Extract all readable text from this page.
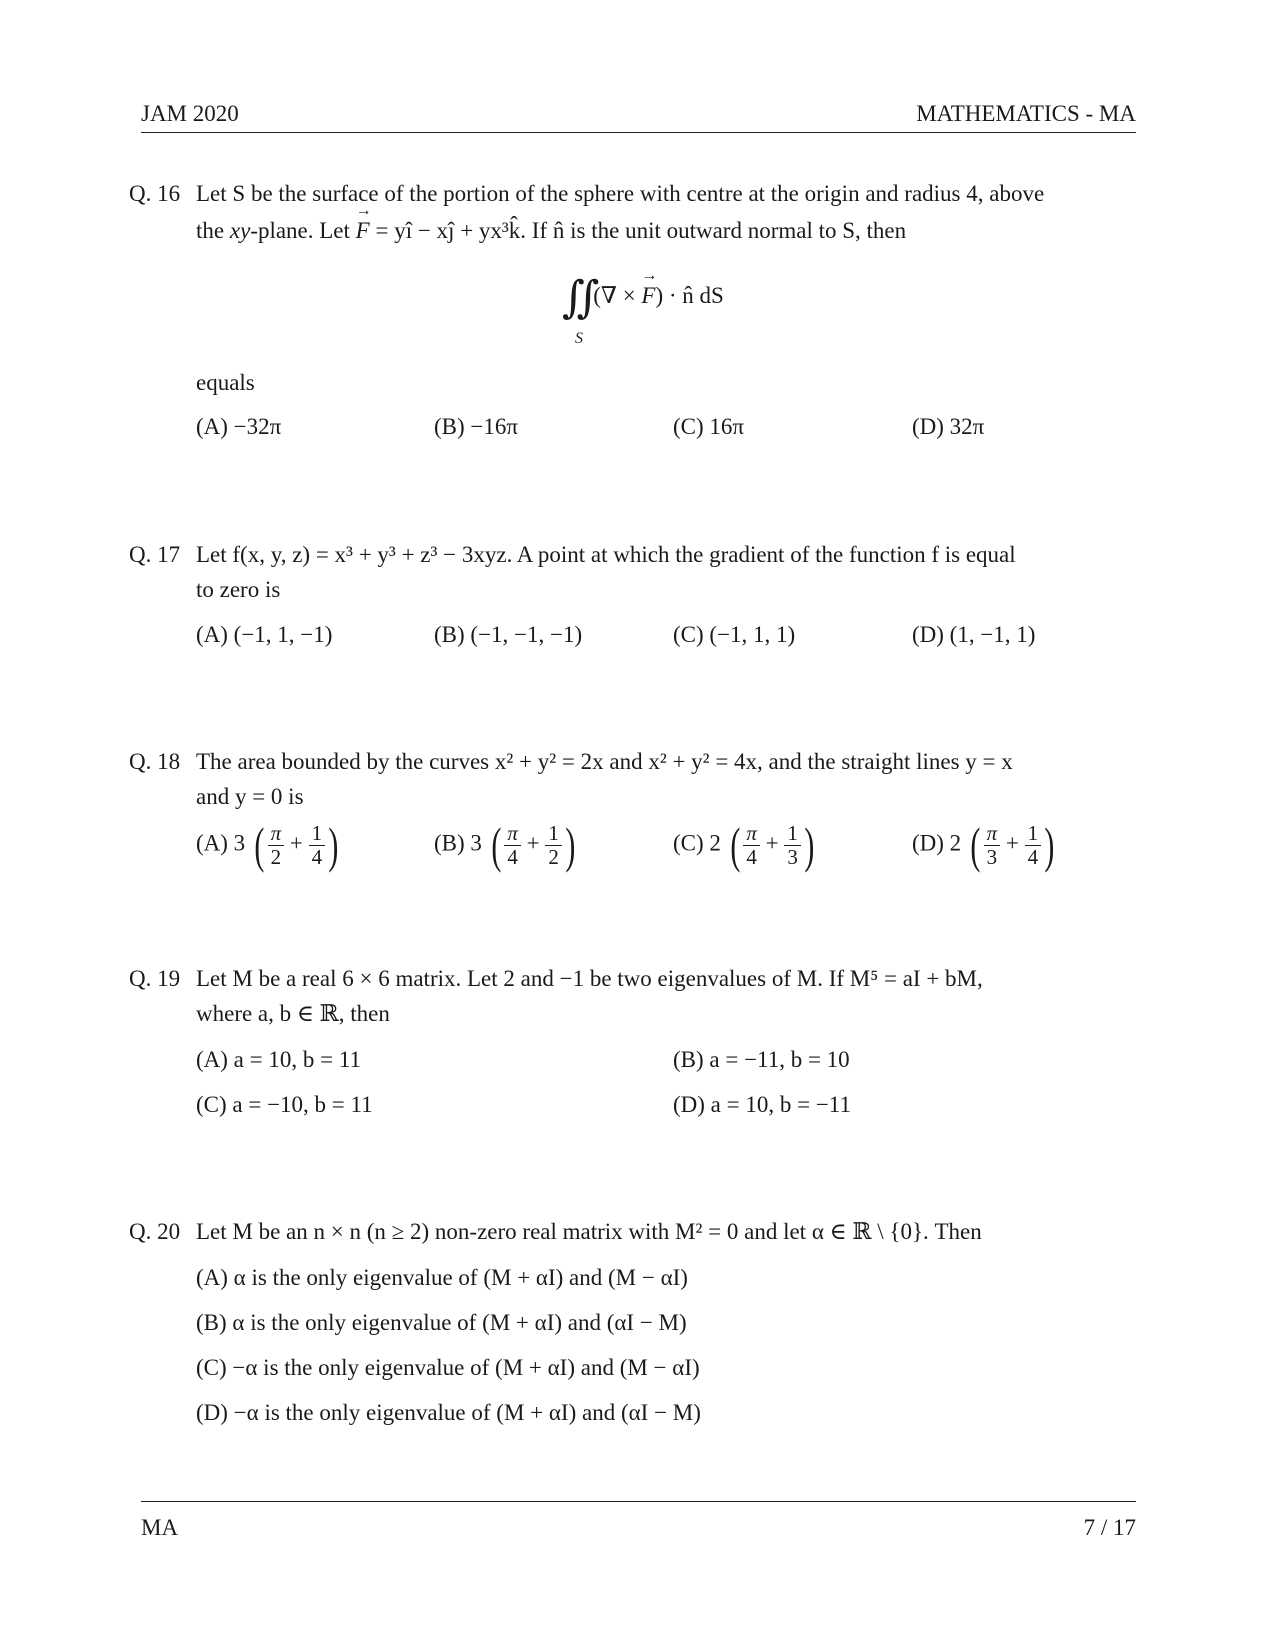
JAM 2020	MATHEMATICS - MA
Q. 16 Let S be the surface of the portion of the sphere with centre at the origin and radius 4, above
the xy-plane. Let → F = yî − xĵ + yx³k̂. If n̂ is the unit outward normal to S, then
∬ (∇ × → F) · n̂ dS
S
equals
(A) −32π	(B) −16π	(C) 16π	(D) 32π
Q. 17 Let f(x, y, z) = x³ + y³ + z³ − 3xyz. A point at which the gradient of the function f is equal
to zero is
(A) (−1, 1, −1)	(B) (−1, −1, −1)	(C) (−1, 1, 1)	(D) (1, −1, 1)
Q. 18 The area bounded by the curves x² + y² = 2x and x² + y² = 4x, and the straight lines y = x
and y = 0 is
(A) 3 ( $\frac{\pi}{2} + \frac{1}{4}$ )	(B) 3 ( $\frac{\pi}{4} + \frac{1}{2}$ )	(C) 2 ( $\frac{\pi}{4} + \frac{1}{3}$ )	(D) 2 ( $\frac{\pi}{3} + \frac{1}{4}$ )
Q. 19 Let M be a real 6 × 6 matrix. Let 2 and −1 be two eigenvalues of M. If M⁵ = aI + bM,
where a, b ∈ ℝ, then
(A) a = 10, b = 11	(B) a = −11, b = 10
(C) a = −10, b = 11	(D) a = 10, b = −11
Q. 20 Let M be an n × n (n ≥ 2) non-zero real matrix with M² = 0 and let α ∈ ℝ \ {0}. Then
(A) α is the only eigenvalue of (M + αI) and (M − αI)
(B) α is the only eigenvalue of (M + αI) and (αI − M)
(C) −α is the only eigenvalue of (M + αI) and (M − αI)
(D) −α is the only eigenvalue of (M + αI) and (αI − M)
MA	7 / 17
